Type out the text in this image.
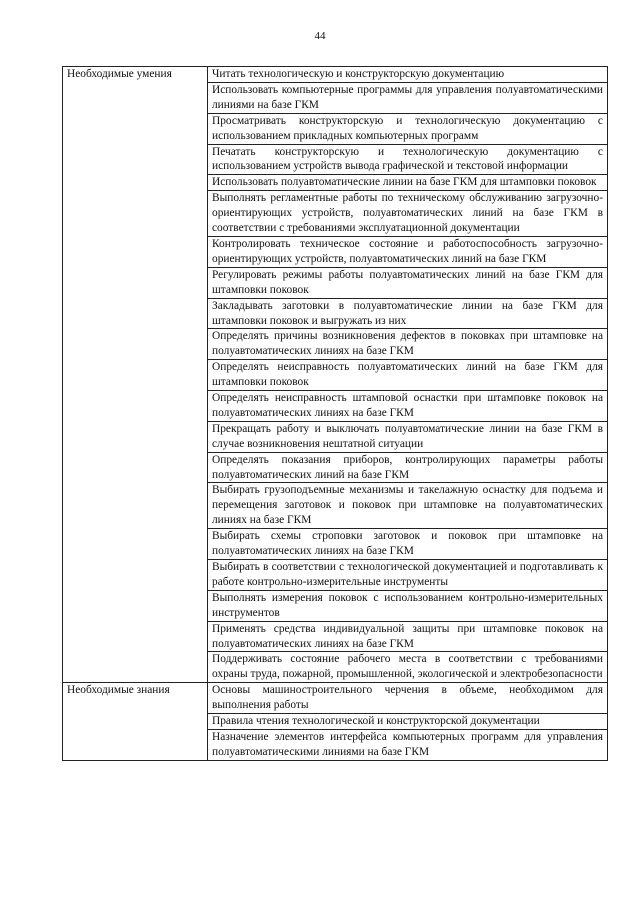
44
Необходимые умения	Читать технологическую и конструкторскую документацию
	Использовать компьютерные программы для управления полуавтоматическими линиями на базе ГКМ
	Просматривать конструкторскую и технологическую документацию с использованием прикладных компьютерных программ
	Печатать конструкторскую и технологическую документацию с использованием устройств вывода графической и текстовой информации
	Использовать полуавтоматические линии на базе ГКМ для штамповки поковок
	Выполнять регламентные работы по техническому обслуживанию загрузочно-ориентирующих устройств, полуавтоматических линий на базе ГКМ в соответствии с требованиями эксплуатационной документации
	Контролировать техническое состояние и работоспособность загрузочно-ориентирующих устройств, полуавтоматических линий на базе ГКМ
	Регулировать режимы работы полуавтоматических линий на базе ГКМ для штамповки поковок
	Закладывать заготовки в полуавтоматические линии на базе ГКМ для штамповки поковок и выгружать из них
	Определять причины возникновения дефектов в поковках при штамповке на полуавтоматических линиях на базе ГКМ
	Определять неисправность полуавтоматических линий на базе ГКМ для штамповки поковок
	Определять неисправность штамповой оснастки при штамповке поковок на полуавтоматических линиях на базе ГКМ
	Прекращать работу и выключать полуавтоматические линии на базе ГКМ в случае возникновения нештатной ситуации
	Определять показания приборов, контролирующих параметры работы полуавтоматических линий на базе ГКМ
	Выбирать грузоподъемные механизмы и такелажную оснастку для подъема и перемещения заготовок и поковок при штамповке на полуавтоматических линиях на базе ГКМ
	Выбирать схемы строповки заготовок и поковок при штамповке на полуавтоматических линиях на базе ГКМ
	Выбирать в соответствии с технологической документацией и подготавливать к работе контрольно-измерительные инструменты
	Выполнять измерения поковок с использованием контрольно-измерительных инструментов
	Применять средства индивидуальной защиты при штамповке поковок на полуавтоматических линиях на базе ГКМ
	Поддерживать состояние рабочего места в соответствии с требованиями охраны труда, пожарной, промышленной, экологической и электробезопасности
Необходимые знания	Основы машиностроительного черчения в объеме, необходимом для выполнения работы
	Правила чтения технологической и конструкторской документации
	Назначение элементов интерфейса компьютерных программ для управления полуавтоматическими линиями на базе ГКМ
